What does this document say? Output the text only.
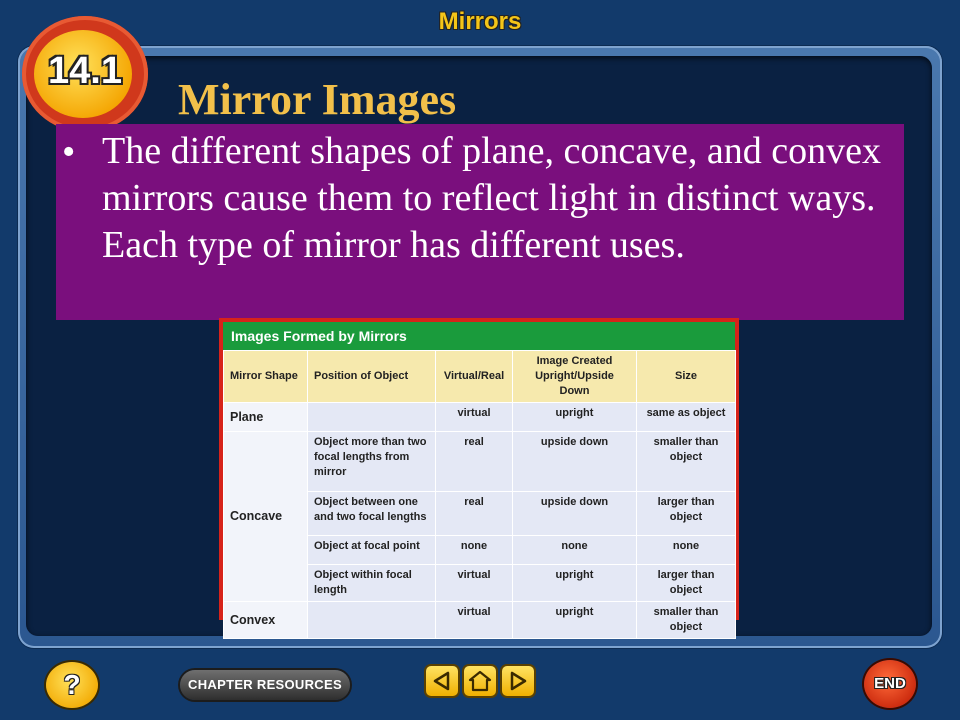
Mirrors
14.1
Mirror Images
• The different shapes of plane, concave, and convex mirrors cause them to reflect light in distinct ways. Each type of mirror has different uses.
Images Formed by Mirrors
Mirror Shape	Position of Object	Virtual/Real	Image Created Upright/Upside Down	Size
Plane		virtual	upright	same as object
Concave	Object more than two focal lengths from mirror	real	upside down	smaller than object
	Object between one and two focal lengths	real	upside down	larger than object
	Object at focal point	none	none	none
	Object within focal length	virtual	upright	larger than object
Convex		virtual	upright	smaller than object
?	CHAPTER RESOURCES	END
